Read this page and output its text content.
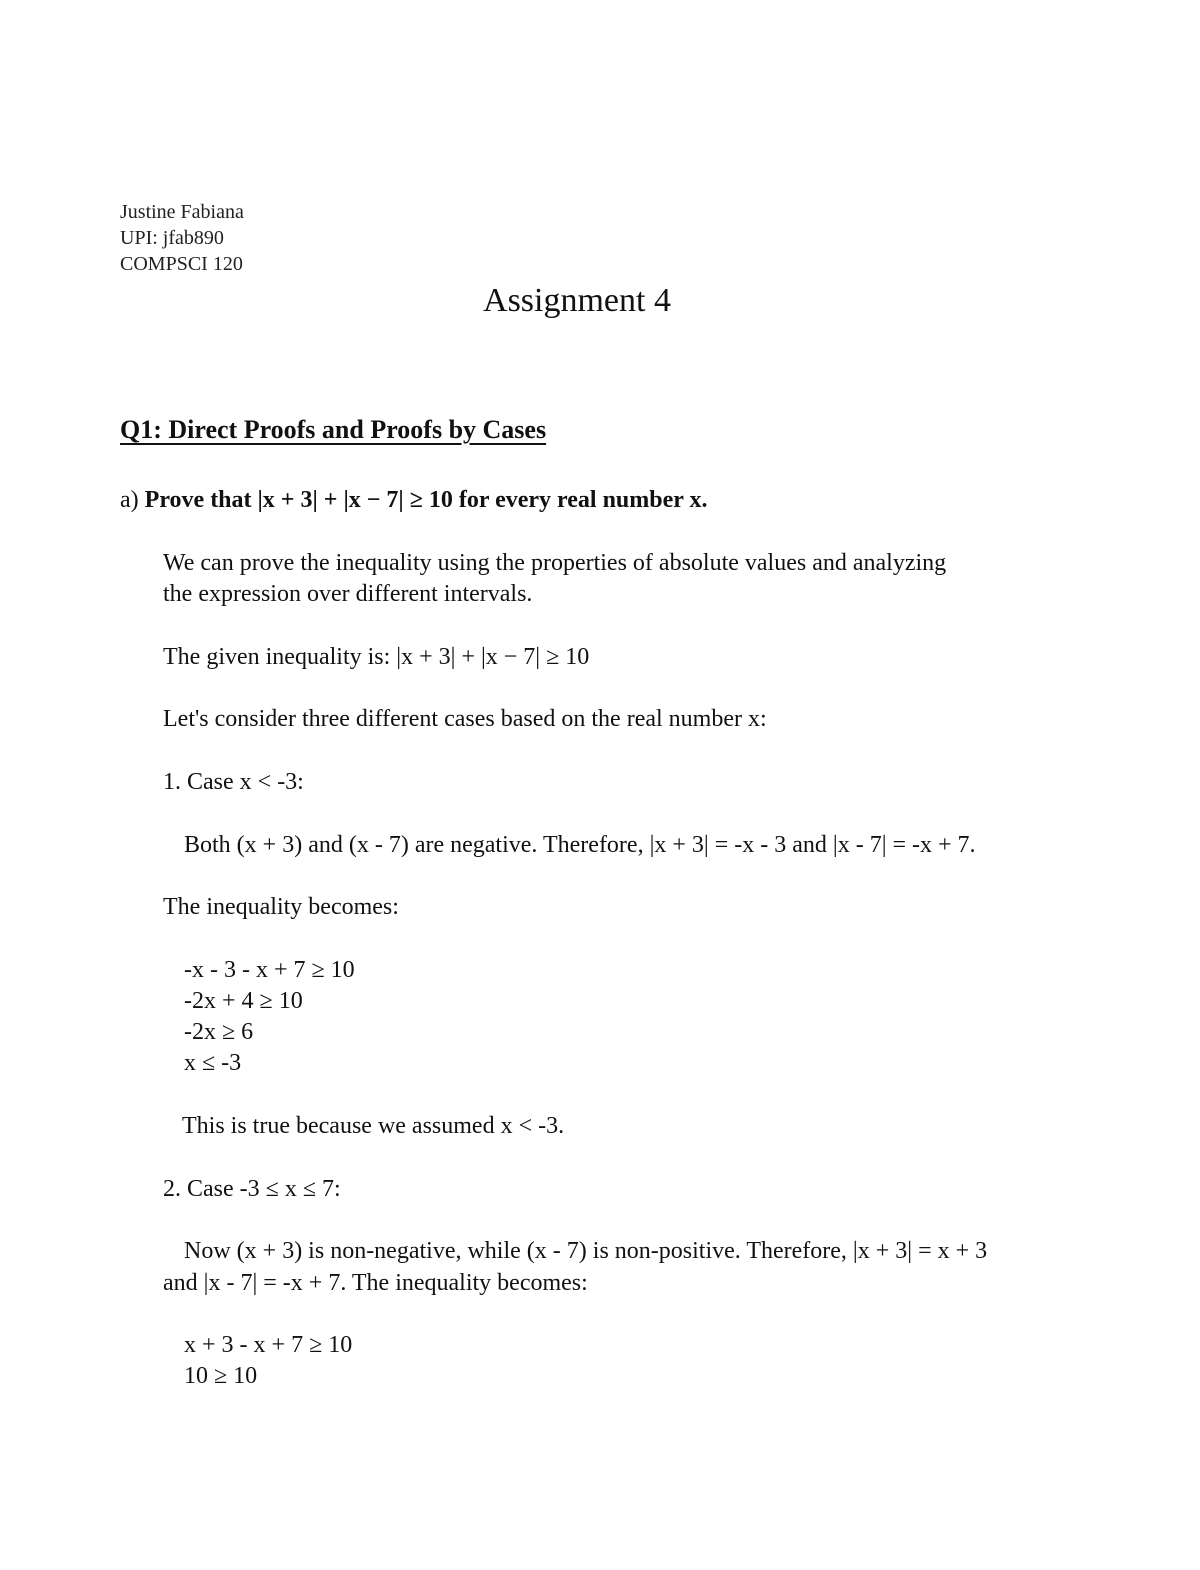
Justine Fabiana
UPI: jfab890
COMPSCI 120
Assignment 4
Q1: Direct Proofs and Proofs by Cases
a) Prove that |x + 3| + |x − 7| ≥ 10 for every real number x.
We can prove the inequality using the properties of absolute values and analyzing
the expression over different intervals.
The given inequality is: |x + 3| + |x − 7| ≥ 10
Let's consider three different cases based on the real number x:
1. Case x < -3:
Both (x + 3) and (x - 7) are negative. Therefore, |x + 3| = -x - 3 and |x - 7| = -x + 7.
The inequality becomes:
-x - 3 - x + 7 ≥ 10
-2x + 4 ≥ 10
-2x ≥ 6
x ≤ -3
This is true because we assumed x < -3.
2. Case -3 ≤ x ≤ 7:
Now (x + 3) is non-negative, while (x - 7) is non-positive. Therefore, |x + 3| = x + 3
and |x - 7| = -x + 7. The inequality becomes:
x + 3 - x + 7 ≥ 10
10 ≥ 10
